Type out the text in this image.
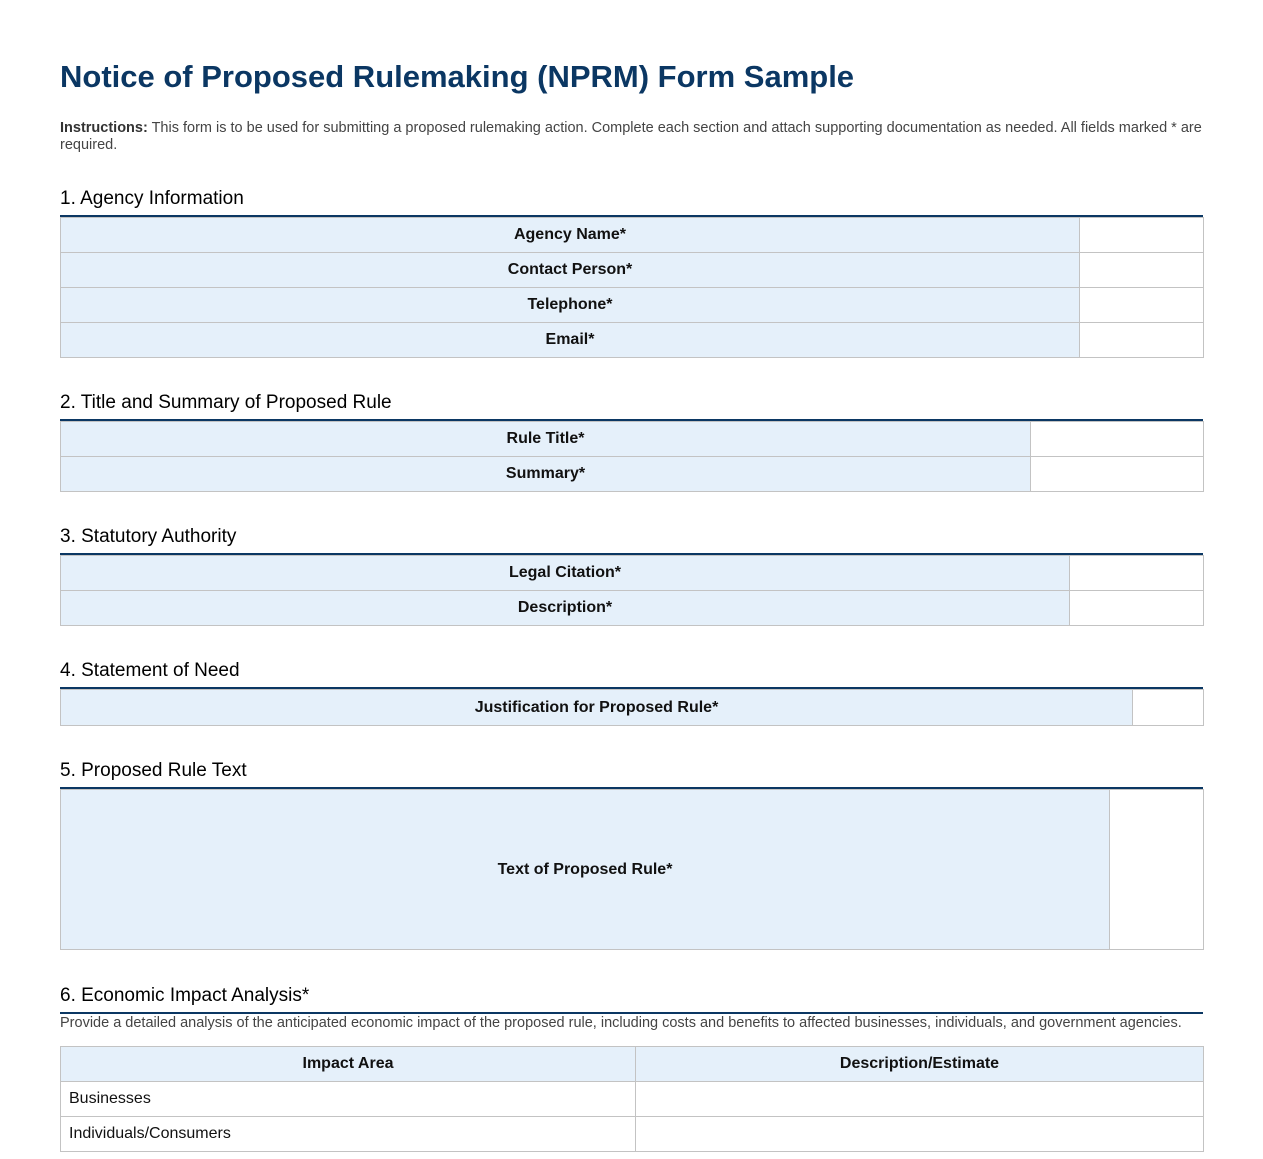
Notice of Proposed Rulemaking (NPRM) Form Sample
Instructions: This form is to be used for submitting a proposed rulemaking action. Complete each section and attach supporting documentation as needed. All fields marked * are required.
1. Agency Information
Agency Name*	
Contact Person*	
Telephone*	
Email*	
2. Title and Summary of Proposed Rule
Rule Title*	
Summary*	
3. Statutory Authority
Legal Citation*	
Description*	
4. Statement of Need
Justification for Proposed Rule*	
5. Proposed Rule Text
Text of Proposed Rule*	
6. Economic Impact Analysis*
Provide a detailed analysis of the anticipated economic impact of the proposed rule, including costs and benefits to affected businesses, individuals, and government agencies.
Impact Area	Description/Estimate
Businesses	
Individuals/Consumers	
